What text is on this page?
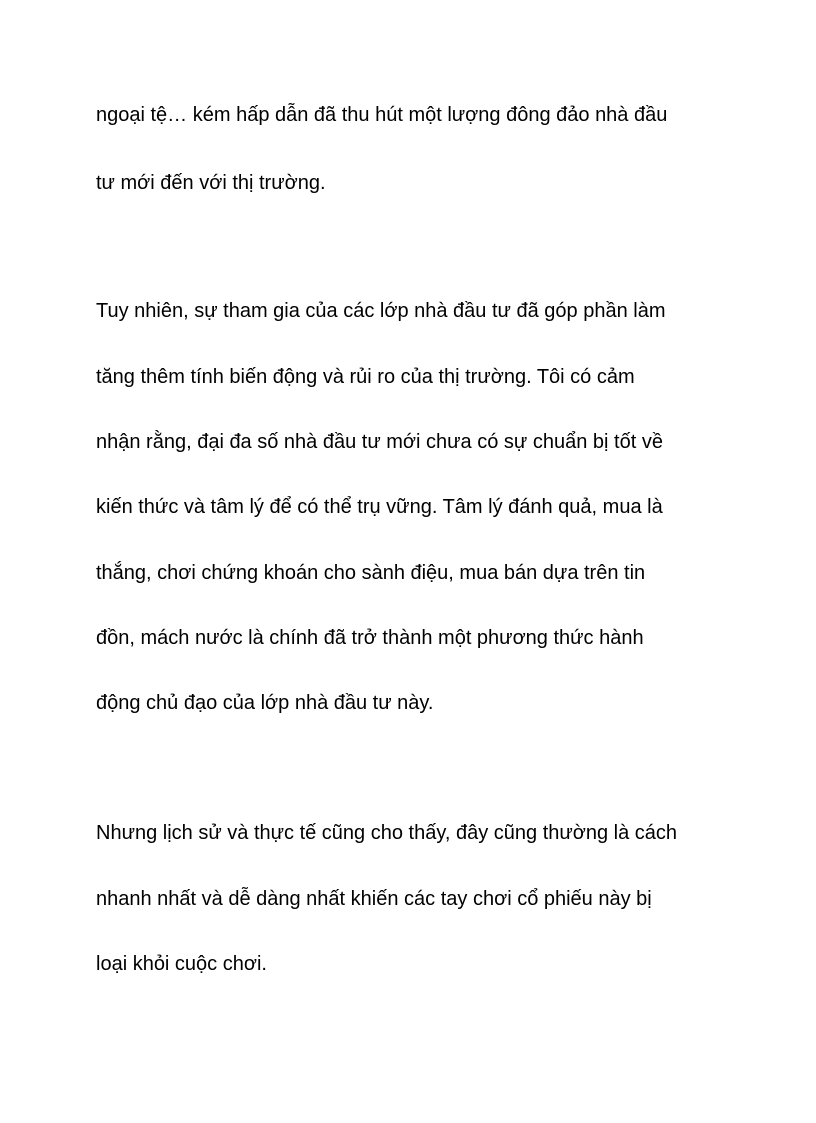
ngoại tệ… kém hấp dẫn đã thu hút một lượng đông đảo nhà đầu

tư mới đến với thị trường.

Tuy nhiên, sự tham gia của các lớp nhà đầu tư đã góp phần làm

tăng thêm tính biến động và rủi ro của thị trường. Tôi có cảm

nhận rằng, đại đa số nhà đầu tư mới chưa có sự chuẩn bị tốt về

kiến thức và tâm lý để có thể trụ vững. Tâm lý đánh quả, mua là

thắng, chơi chứng khoán cho sành điệu, mua bán dựa trên tin

đồn, mách nước là chính đã trở thành một phương thức hành

động chủ đạo của lớp nhà đầu tư này.

Nhưng lịch sử và thực tế cũng cho thấy, đây cũng thường là cách

nhanh nhất và dễ dàng nhất khiến các tay chơi cổ phiếu này bị

loại khỏi cuộc chơi.
